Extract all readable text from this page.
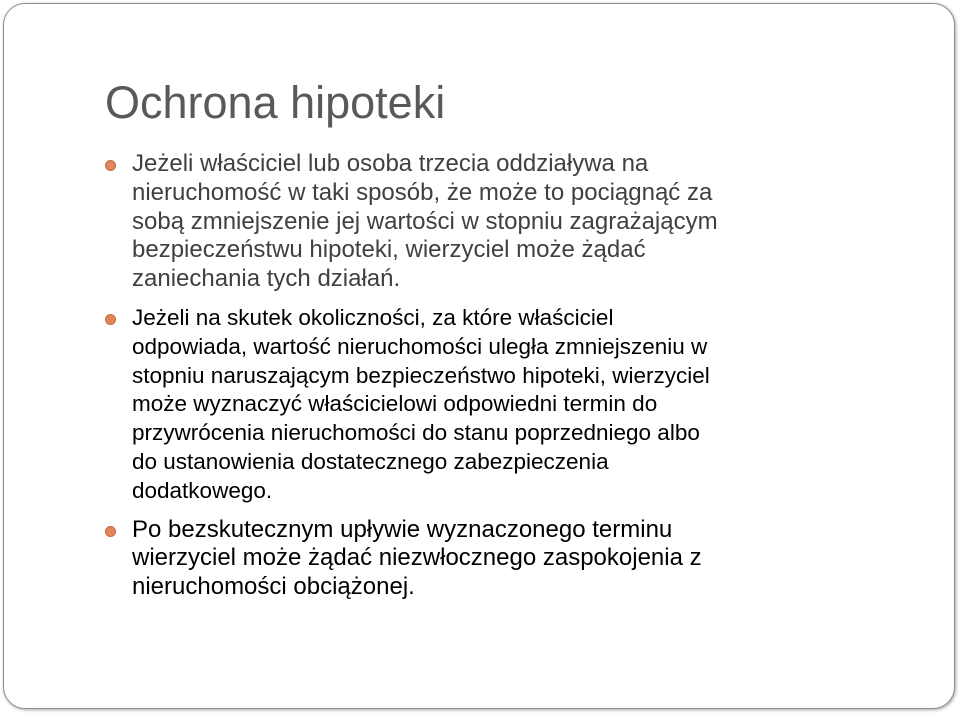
Ochrona hipoteki
Jeżeli właściciel lub osoba trzecia oddziaływa na
nieruchomość w taki sposób, że może to pociągnąć za
sobą zmniejszenie jej wartości w stopniu zagrażającym
bezpieczeństwu hipoteki, wierzyciel może żądać
zaniechania tych działań.
Jeżeli na skutek okoliczności, za które właściciel
odpowiada, wartość nieruchomości uległa zmniejszeniu w
stopniu naruszającym bezpieczeństwo hipoteki, wierzyciel
może wyznaczyć właścicielowi odpowiedni termin do
przywrócenia nieruchomości do stanu poprzedniego albo
do ustanowienia dostatecznego zabezpieczenia
dodatkowego.
Po bezskutecznym upływie wyznaczonego terminu
wierzyciel może żądać niezwłocznego zaspokojenia z
nieruchomości obciążonej.
